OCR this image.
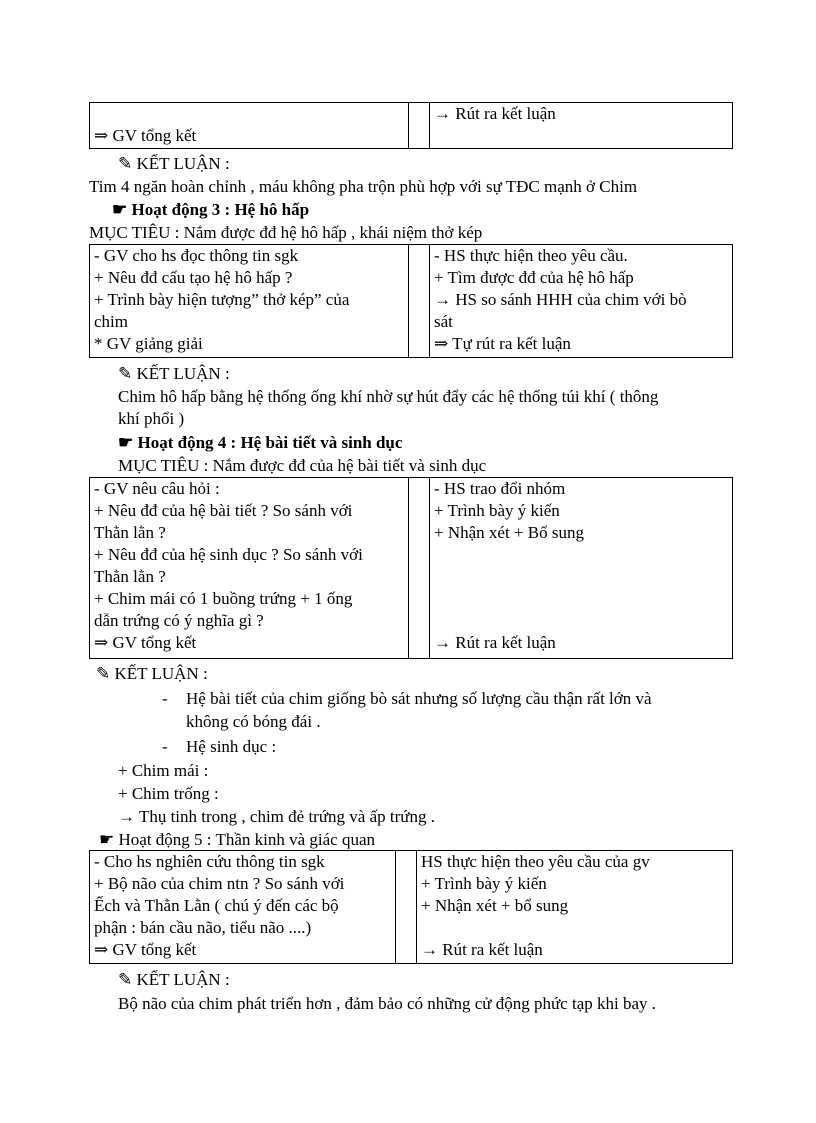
⇒ GV tổng kết

→ Rút ra kết luận
✎ KẾT LUẬN :
Tim 4 ngăn hoàn chỉnh , máu không pha trộn phù hợp với sự TĐC mạnh ở Chim
☛ Hoạt động 3 : Hệ hô hấp
MỤC TIÊU : Nắm được đđ hệ hô hấp , khái niệm thở kép
- GV cho hs đọc thông tin sgk
+ Nêu đđ cấu tạo hệ hô hấp ?
+ Trình bày hiện tượng” thở kép” của
chim
* GV giảng giải

- HS thực hiện theo yêu cầu.
+ Tìm được đđ của hệ hô hấp
→ HS so sánh HHH của chim với bò
sát
⇒ Tự rút ra kết luận
✎ KẾT LUẬN :
Chim hô hấp bằng hệ thống ống khí nhờ sự hút đẩy các hệ thống túi khí ( thông
khí phổi )
☛ Hoạt động 4 : Hệ bài tiết và sinh dục
MỤC TIÊU : Nắm được đđ của hệ bài tiết và sinh dục
- GV nêu câu hỏi :
+ Nêu đđ của hệ bài tiết ? So sánh với
Thằn lằn ?
+ Nêu đđ của hệ sinh dục ? So sánh với
Thằn lằn ?
+ Chim mái có 1 buồng trứng + 1 ống
dẫn trứng có ý nghĩa gì ?
⇒ GV tổng kết

- HS trao đổi nhóm
+ Trình bày ý kiến
+ Nhận xét + Bổ sung

→ Rút ra kết luận
✎ KẾT LUẬN :
- Hệ bài tiết của chim giống bò sát nhưng số lượng cầu thận rất lớn và
không có bóng đái .
- Hệ sinh dục :
+ Chim mái :
+ Chim trống :
→ Thụ tinh trong , chim đẻ trứng và ấp trứng .
☛ Hoạt động 5 : Thần kinh và giác quan
- Cho hs nghiên cứu thông tin sgk
+ Bộ não của chim ntn ? So sánh với
Ếch và Thằn Lằn ( chú ý đến các bộ
phận : bán cầu não, tiểu não ....)
⇒ GV tổng kết

HS thực hiện theo yêu cầu của gv
+ Trình bày ý kiến
+ Nhận xét + bổ sung

→ Rút ra kết luận
✎ KẾT LUẬN :
Bộ não của chim phát triển hơn , đảm bảo có những cử động phức tạp khi bay .
